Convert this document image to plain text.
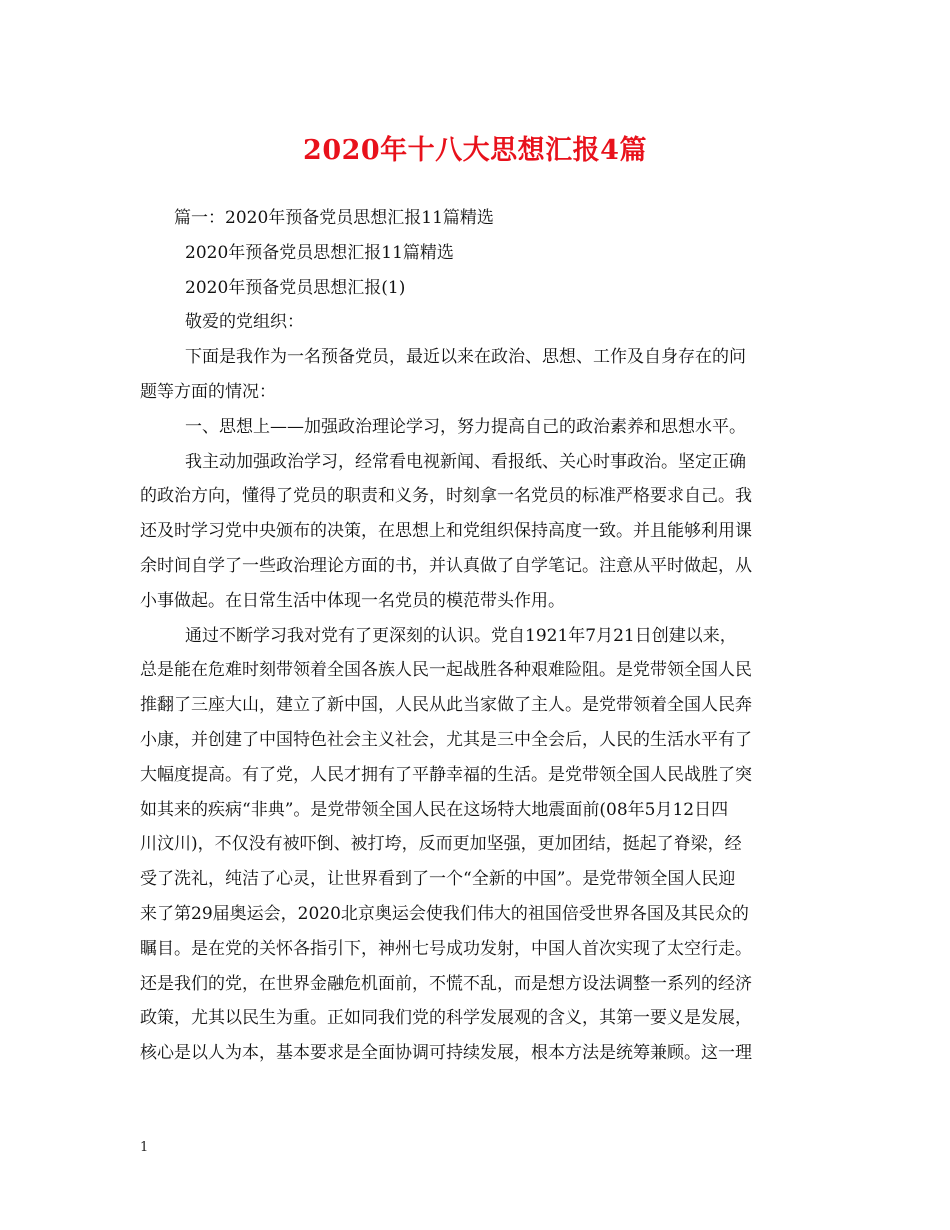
2020年十八大思想汇报4篇

篇一：2020年预备党员思想汇报11篇精选

2020年预备党员思想汇报11篇精选

2020年预备党员思想汇报(1)

敬爱的党组织：

下面是我作为一名预备党员，最近以来在政治、思想、工作及自身存在的问

题等方面的情况：

一、思想上——加强政治理论学习，努力提高自己的政治素养和思想水平。

我主动加强政治学习，经常看电视新闻、看报纸、关心时事政治。坚定正确

的政治方向，懂得了党员的职责和义务，时刻拿一名党员的标准严格要求自己。我

还及时学习党中央颁布的决策，在思想上和党组织保持高度一致。并且能够利用课

余时间自学了一些政治理论方面的书，并认真做了自学笔记。注意从平时做起，从

小事做起。在日常生活中体现一名党员的模范带头作用。

通过不断学习我对党有了更深刻的认识。党自1921年7月21日创建以来，

总是能在危难时刻带领着全国各族人民一起战胜各种艰难险阻。是党带领全国人民

推翻了三座大山，建立了新中国，人民从此当家做了主人。是党带领着全国人民奔

小康，并创建了中国特色社会主义社会，尤其是三中全会后，人民的生活水平有了

大幅度提高。有了党，人民才拥有了平静幸福的生活。是党带领全国人民战胜了突

如其来的疾病“非典”。是党带领全国人民在这场特大地震面前(08年5月12日四

川汶川)，不仅没有被吓倒、被打垮，反而更加坚强，更加团结，挺起了脊梁，经

受了洗礼，纯洁了心灵，让世界看到了一个“全新的中国”。是党带领全国人民迎

来了第29届奥运会，2020北京奥运会使我们伟大的祖国倍受世界各国及其民众的

瞩目。是在党的关怀各指引下，神州七号成功发射，中国人首次实现了太空行走。

还是我们的党，在世界金融危机面前，不慌不乱，而是想方设法调整一系列的经济

政策，尤其以民生为重。正如同我们党的科学发展观的含义，其第一要义是发展，

核心是以人为本，基本要求是全面协调可持续发展，根本方法是统筹兼顾。这一理

1
